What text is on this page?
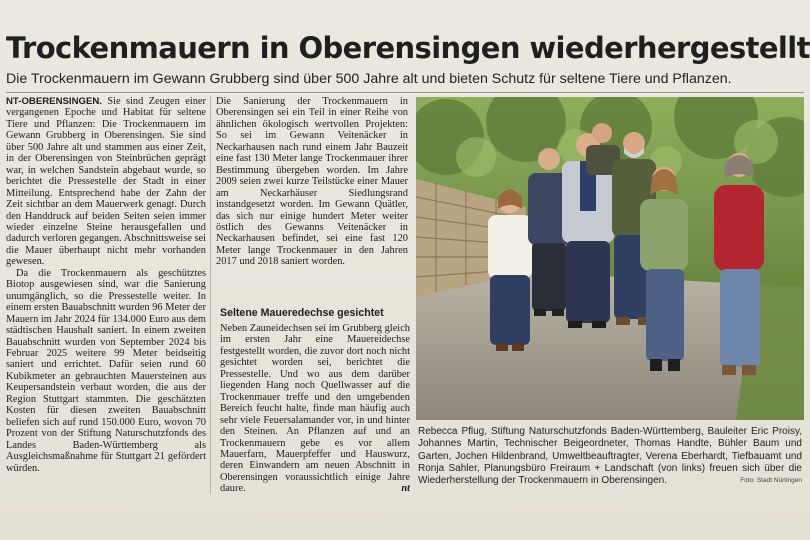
Trockenmauern in Oberensingen wiederhergestellt
Die Trockenmauern im Gewann Grubberg sind über 500 Jahre alt und bieten Schutz für seltene Tiere und Pflanzen.

NT-OBERENSINGEN. Sie sind Zeugen einer vergangenen Epoche und Habitat für seltene Tiere und Pflanzen: Die Trockenmauern im Gewann Grubberg in Oberensingen. Sie sind über 500 Jahre alt und stammen aus einer Zeit, in der Oberensingen von Steinbrüchen geprägt war, in welchen Sandstein abgebaut wurde, so berichtet die Pressestelle der Stadt in einer Mitteilung. Entsprechend habe der Zahn der Zeit sichtbar an dem Mauerwerk genagt. Durch den Handdruck auf beiden Seiten seien immer wieder einzelne Steine herausgefallen und dadurch verloren gegangen. Abschnittsweise sei die Mauer überhaupt nicht mehr vorhanden gewesen.

Da die Trockenmauern als geschütztes Biotop ausgewiesen sind, war die Sanierung unumgänglich, so die Pressestelle weiter. In einem ersten Bauabschnitt wurden 96 Meter der Mauern im Jahr 2024 für 134.000 Euro aus dem städtischen Haushalt saniert. In einem zweiten Bauabschnitt wurden von September 2024 bis Februar 2025 weitere 99 Meter beidseitig saniert und errichtet. Dafür seien rund 60 Kubikmeter an gebrauchten Mauersteinen aus Keupersandstein verbaut worden, die aus der Region Stuttgart stammten. Die geschätzten Kosten für diesen zweiten Bauabschnitt beliefen sich auf rund 150.000 Euro, wovon 70 Prozent von der Stiftung Naturschutzfonds des Landes Baden-Württemberg als Ausgleichsmaßnahme für Stuttgart 21 gefördert würden.

Die Sanierung der Trockenmauern in Oberensingen sei ein Teil in einer Reihe von ähnlichen ökologisch wertvollen Projekten: So sei im Gewann Veitenäcker in Neckarhausen nach rund einem Jahr Bauzeit eine fast 130 Meter lange Trockenmauer ihrer Bestimmung übergeben worden. Im Jahre 2009 seien zwei kurze Teilstücke einer Mauer am Neckarhäuser Siedlungsrand instandgesetzt worden. Im Gewann Quätler, das sich nur einige hundert Meter weiter östlich des Gewanns Veitenäcker in Neckarhausen befindet, sei eine fast 120 Meter lange Trockenmauer in den Jahren 2017 und 2018 saniert worden.

Seltene Maueredechse gesichtet

Neben Zauneidechsen sei im Grubberg gleich im ersten Jahr eine Mauereidechse festgestellt worden, die zuvor dort noch nicht gesichtet worden sei, berichtet die Pressestelle. Und wo aus dem darüber liegenden Hang noch Quellwasser auf die Trockenmauer treffe und den umgebenden Bereich feucht halte, finde man häufig auch sehr viele Feuersalamander vor, in und hinter den Steinen. An Pflanzen auf und an Trockenmauern gebe es vor allem Mauerfarn, Mauerpfeffer und Hauswurz, deren Einwandern am neuen Abschnitt in Oberensingen voraussichtlich einige Jahre daure.	nt

Rebecca Pflug, Stiftung Naturschutzfonds Baden-Württemberg, Bauleiter Eric Proisy, Johannes Martin, Technischer Beigeordneter, Thomas Handte, Bühler Baum und Garten, Jochen Hildenbrand, Umweltbeauftragter, Verena Eberhardt, Tiefbauamt und Ronja Sahler, Planungsbüro Freiraum + Landschaft (von links) freuen sich über die Wiederherstellung der Trockenmauern in Oberensingen.	Foto: Stadt Nürtingen
